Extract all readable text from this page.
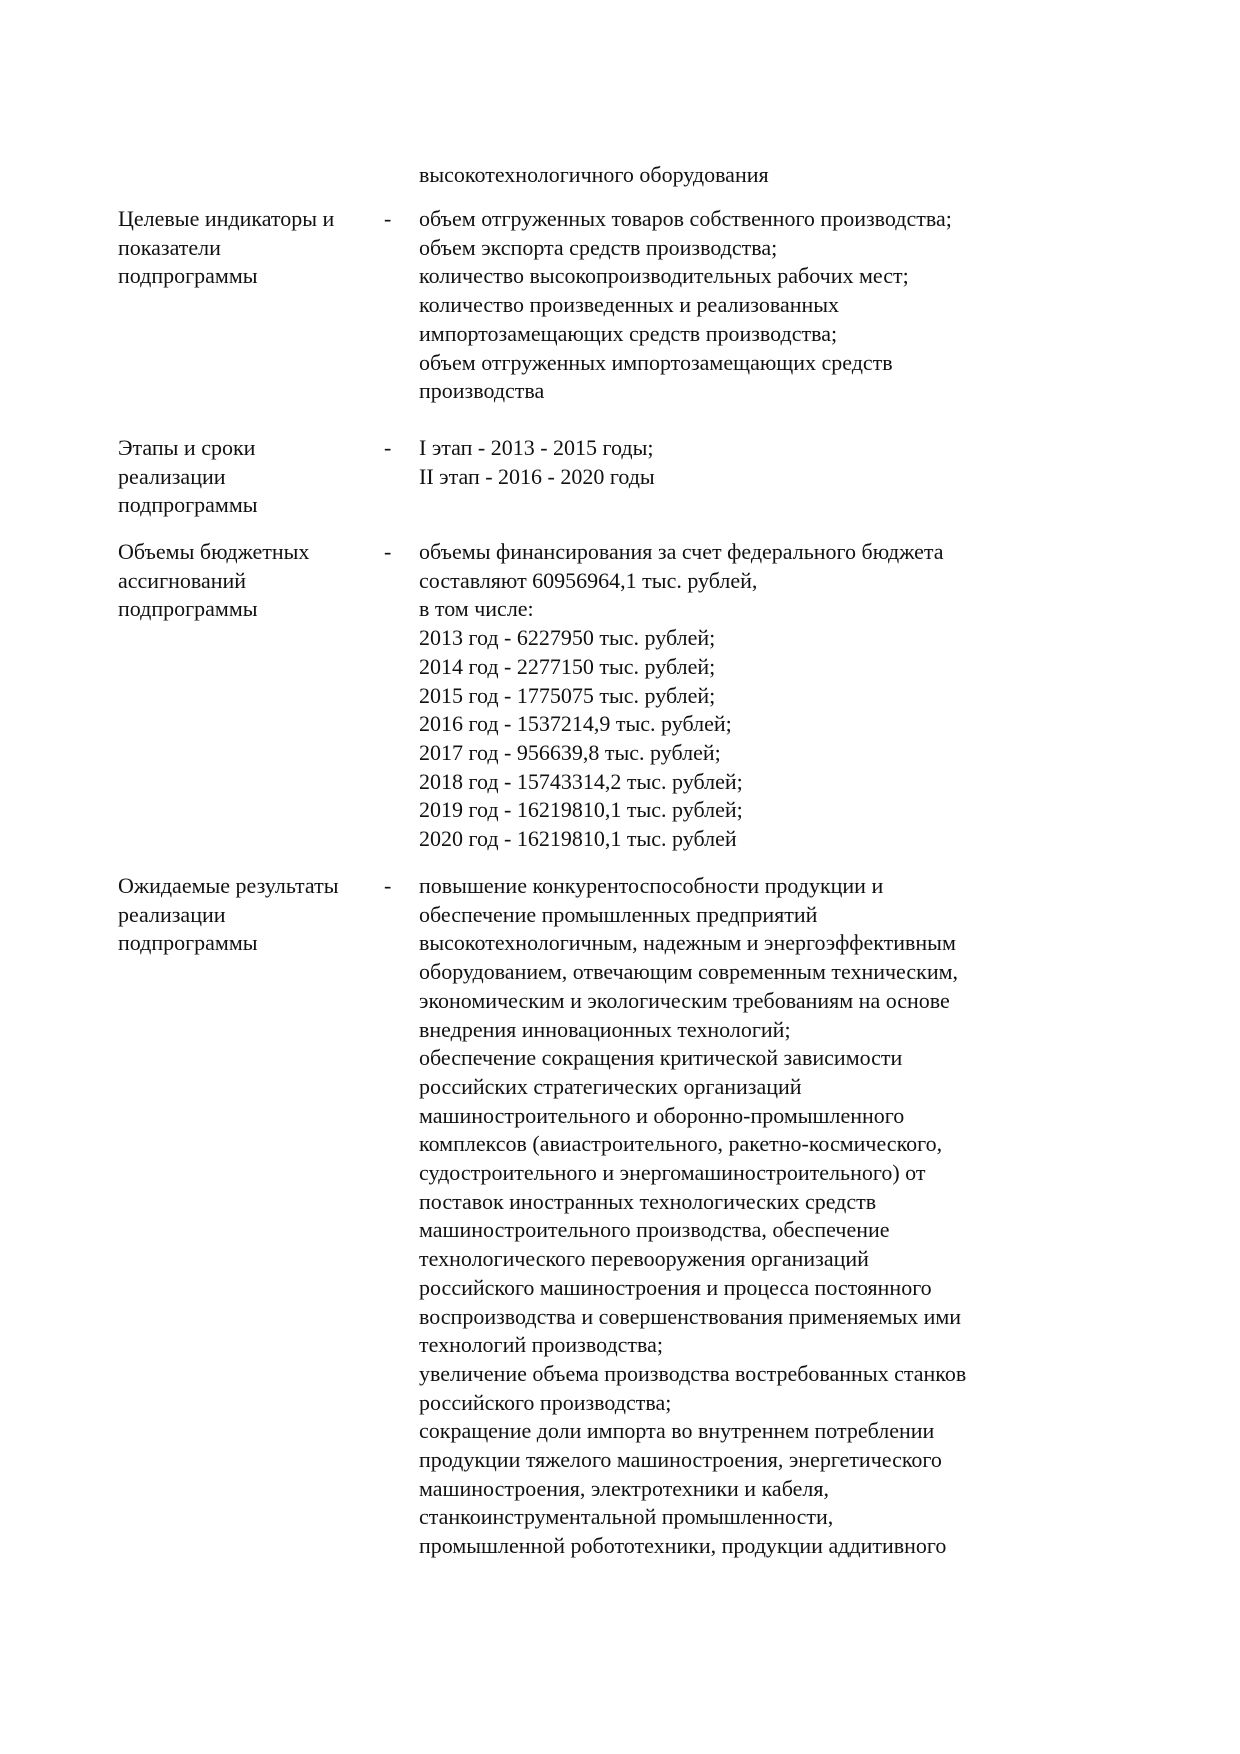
высокотехнологичного оборудования
Целевые индикаторы и
показатели
подпрограммы
-	объем отгруженных товаров собственного производства;
объем экспорта средств производства;
количество высокопроизводительных рабочих мест;
количество произведенных и реализованных
импортозамещающих средств производства;
объем отгруженных импортозамещающих средств
производства
Этапы и сроки
реализации
подпрограммы
-	I этап - 2013 - 2015 годы;
II этап - 2016 - 2020 годы
Объемы бюджетных
ассигнований
подпрограммы
-	объемы финансирования за счет федерального бюджета
составляют 60956964,1 тыс. рублей,
в том числе:
2013 год - 6227950 тыс. рублей;
2014 год - 2277150 тыс. рублей;
2015 год - 1775075 тыс. рублей;
2016 год - 1537214,9 тыс. рублей;
2017 год - 956639,8 тыс. рублей;
2018 год - 15743314,2 тыс. рублей;
2019 год - 16219810,1 тыс. рублей;
2020 год - 16219810,1 тыс. рублей
Ожидаемые результаты
реализации
подпрограммы
-	повышение конкурентоспособности продукции и
обеспечение промышленных предприятий
высокотехнологичным, надежным и энергоэффективным
оборудованием, отвечающим современным техническим,
экономическим и экологическим требованиям на основе
внедрения инновационных технологий;
обеспечение сокращения критической зависимости
российских стратегических организаций
машиностроительного и оборонно-промышленного
комплексов (авиастроительного, ракетно-космического,
судостроительного и энергомашиностроительного) от
поставок иностранных технологических средств
машиностроительного производства, обеспечение
технологического перевооружения организаций
российского машиностроения и процесса постоянного
воспроизводства и совершенствования применяемых ими
технологий производства;
увеличение объема производства востребованных станков
российского производства;
сокращение доли импорта во внутреннем потреблении
продукции тяжелого машиностроения, энергетического
машиностроения, электротехники и кабеля,
станкоинструментальной промышленности,
промышленной робототехники, продукции аддитивного
